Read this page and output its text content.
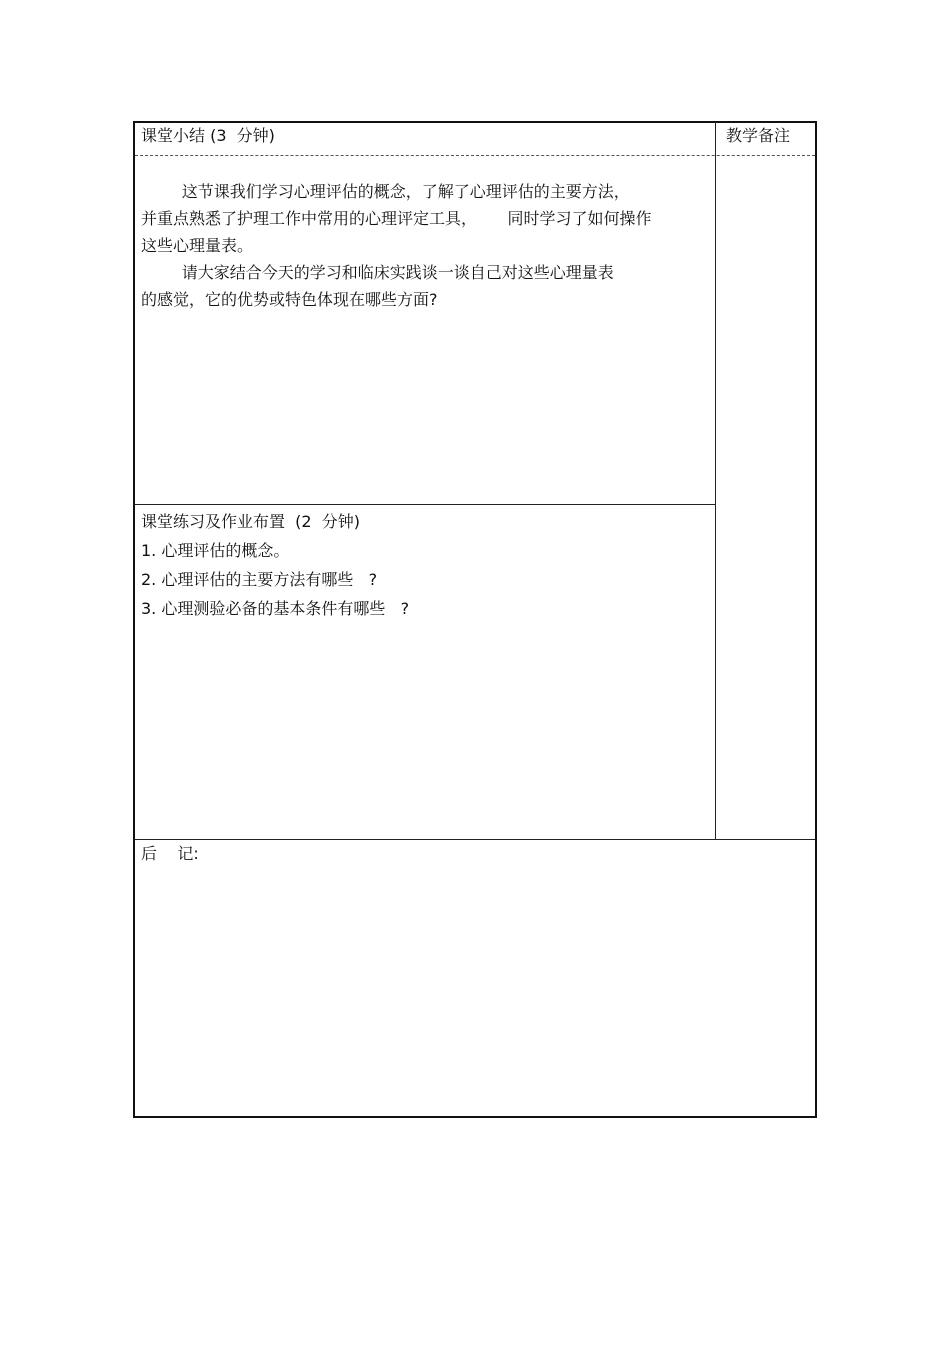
课堂小结 (3  分钟)	教学备注
这节课我们学习心理评估的概念，了解了心理评估的主要方法，
并重点熟悉了护理工作中常用的心理评定工具，      同时学习了如何操作
这些心理量表。
请大家结合今天的学习和临床实践谈一谈自己对这些心理量表
的感觉，它的优势或特色体现在哪些方面?
课堂练习及作业布置  (2  分钟)
1. 心理评估的概念。
2. 心理评估的主要方法有哪些   ?
3. 心理测验必备的基本条件有哪些   ?
后    记:
